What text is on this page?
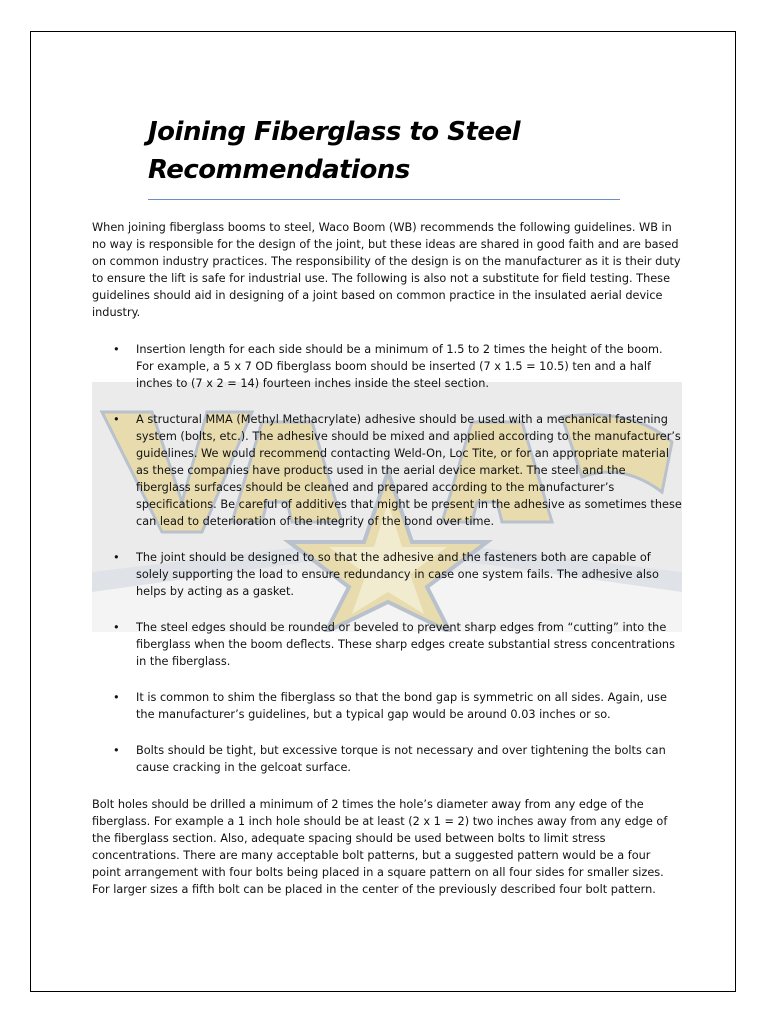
Joining Fiberglass to Steel
Recommendations
When joining fiberglass booms to steel, Waco Boom (WB) recommends the following guidelines. WB in no way is responsible for the design of the joint, but these ideas are shared in good faith and are based on common industry practices. The responsibility of the design is on the manufacturer as it is their duty to ensure the lift is safe for industrial use. The following is also not a substitute for field testing. These guidelines should aid in designing of a joint based on common practice in the insulated aerial device industry.
• Insertion length for each side should be a minimum of 1.5 to 2 times the height of the boom. For example, a 5 x 7 OD fiberglass boom should be inserted (7 x 1.5 = 10.5) ten and a half inches to (7 x 2 = 14) fourteen inches inside the steel section.
• A structural MMA (Methyl Methacrylate) adhesive should be used with a mechanical fastening system (bolts, etc.). The adhesive should be mixed and applied according to the manufacturer’s guidelines. We would recommend contacting Weld-On, Loc Tite, or for an appropriate material as these companies have products used in the aerial device market. The steel and the fiberglass surfaces should be cleaned and prepared according to the manufacturer’s specifications. Be careful of additives that might be present in the adhesive as sometimes these can lead to deterioration of the integrity of the bond over time.
• The joint should be designed to so that the adhesive and the fasteners both are capable of solely supporting the load to ensure redundancy in case one system fails. The adhesive also helps by acting as a gasket.
• The steel edges should be rounded or beveled to prevent sharp edges from “cutting” into the fiberglass when the boom deflects. These sharp edges create substantial stress concentrations in the fiberglass.
• It is common to shim the fiberglass so that the bond gap is symmetric on all sides. Again, use the manufacturer’s guidelines, but a typical gap would be around 0.03 inches or so.
• Bolts should be tight, but excessive torque is not necessary and over tightening the bolts can cause cracking in the gelcoat surface.
Bolt holes should be drilled a minimum of 2 times the hole’s diameter away from any edge of the fiberglass. For example a 1 inch hole should be at least (2 x 1 = 2) two inches away from any edge of the fiberglass section. Also, adequate spacing should be used between bolts to limit stress concentrations. There are many acceptable bolt patterns, but a suggested pattern would be a four point arrangement with four bolts being placed in a square pattern on all four sides for smaller sizes. For larger sizes a fifth bolt can be placed in the center of the previously described four bolt pattern.
